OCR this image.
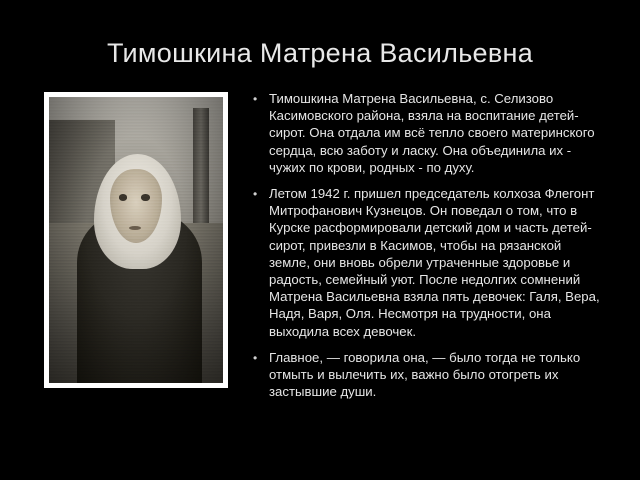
Тимошкина Матрена Васильевна
• Тимошкина Матрена Васильевна, с. Селизово Касимовского района, взяла на воспитание детей-сирот. Она отдала им всё тепло своего материнского сердца, всю заботу и ласку. Она объединила их - чужих по крови, родных - по духу.
• Летом 1942 г. пришел председатель колхоза Флегонт Митрофанович Кузнецов. Он поведал о том, что в Курске расформировали детский дом и часть детей-сирот, привезли в Касимов, чтобы на рязанской земле, они вновь обрели утраченные здоровье и радость, семейный уют. После недолгих сомнений Матрена Васильевна взяла пять девочек: Галя, Вера, Надя, Варя, Оля. Несмотря на трудности, она выходила всех девочек.
• Главное, — говорила она, — было тогда не только отмыть и вылечить их, важно было отогреть их застывшие души.
